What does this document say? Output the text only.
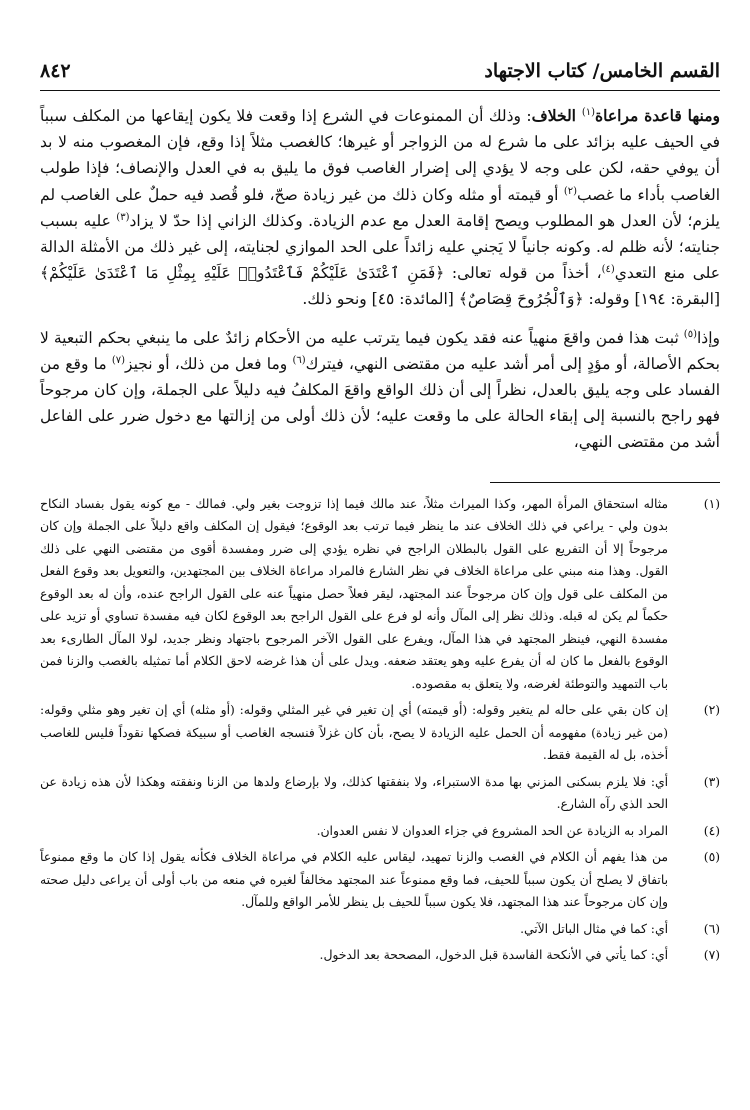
القسم الخامس/ كتاب الاجتهاد
٨٤٢

ومنها قاعدة مراعاة$^{(١)}$ الخلاف: وذلك أن الممنوعات في الشرع إذا وقعت فلا يكون إيقاعها من المكلف سبباً في الحيف عليه بزائد على ما شرع له من الزواجر أو غيرها؛ كالغصب مثلاً إذا وقع، فإن المغصوب منه لا بد أن يوفي حقه، لكن على وجه لا يؤدي إلى إضرار الغاصب فوق ما يليق به في العدل والإنصاف؛ فإذا طولب الغاصب بأداء ما غصب$^{(٢)}$ أو قيمته أو مثله وكان ذلك من غير زيادة صحّ، فلو قُصد فيه حملٌ على الغاصب لم يلزم؛ لأن العدل هو المطلوب ويصح إقامة العدل مع عدم الزيادة. وكذلك الزاني إذا حدّ لا يزاد$^{(٣)}$ عليه بسبب جنايته؛ لأنه ظلم له. وكونه جانياً لا يَجني عليه زائداً على الحد الموازي لجنايته، إلى غير ذلك من الأمثلة الدالة على منع التعدي$^{(٤)}$، أخذاً من قوله تعالى: ﴿فَمَنِ ٱعْتَدَىٰ عَلَيْكُمْ فَٱعْتَدُوا۟ عَلَيْهِ بِمِثْلِ مَا ٱعْتَدَىٰ عَلَيْكُمْ﴾ [البقرة: ١٩٤] وقوله: ﴿وَٱلْجُرُوحَ قِصَاصٌ﴾ [المائدة: ٤٥] ونحو ذلك.

وإذا$^{(٥)}$ ثبت هذا فمن واقعَ منهياً عنه فقد يكون فيما يترتب عليه من الأحكام زائدٌ على ما ينبغي بحكم التبعية لا بحكم الأصالة، أو مؤدٍ إلى أمر أشد عليه من مقتضى النهي، فيترك$^{(٦)}$ وما فعل من ذلك، أو نجيز$^{(٧)}$ ما وقع من الفساد على وجه يليق بالعدل، نظراً إلى أن ذلك الواقع واقعَ المكلفُ فيه دليلاً على الجملة، وإن كان مرجوحاً فهو راجح بالنسبة إلى إبقاء الحالة على ما وقعت عليه؛ لأن ذلك أولى من إزالتها مع دخول ضرر على الفاعل أشد من مقتضى النهي،

(١)
مثاله استحقاق المرأة المهر، وكذا الميراث مثلاً، عند مالك فيما إذا تزوجت بغير ولي. فمالك - مع كونه يقول بفساد النكاح بدون ولي - يراعي في ذلك الخلاف عند ما ينظر فيما ترتب بعد الوقوع؛ فيقول إن المكلف واقع دليلاً على الجملة وإن كان مرجوحاً إلا أن التفريع على القول بالبطلان الراجح في نظره يؤدي إلى ضرر ومفسدة أقوى من مقتضى النهي على ذلك القول. وهذا منه مبني على مراعاة الخلاف في نظر الشارع فالمراد مراعاة الخلاف بين المجتهدين، والتعويل بعد وقوع الفعل من المكلف على قول وإن كان مرجوحاً عند المجتهد، ليقر فعلاً حصل منهياً عنه على القول الراجح عنده، وأن له بعد الوقوع حكماً لم يكن له قبله. وذلك نظر إلى المآل وأنه لو فرع على القول الراجح بعد الوقوع لكان فيه مفسدة تساوي أو تزيد على مفسدة النهي، فينظر المجتهد في هذا المآل، ويفرع على القول الآخر المرجوح باجتهاد ونظر جديد، لولا المآل الطارىء بعد الوقوع بالفعل ما كان له أن يفرع عليه وهو يعتقد ضعفه. ويدل على أن هذا غرضه لاحق الكلام أما تمثيله بالغصب والزنا فمن باب التمهيد والتوطئة لغرضه، ولا يتعلق به مقصوده.
(٢)
إن كان بقي على حاله لم يتغير وقوله: (أو قيمته) أي إن تغير في غير المثلي وقوله: (أو مثله) أي إن تغير وهو مثلي وقوله: (من غير زيادة) مفهومه أن الحمل عليه الزيادة لا يصح، بأن كان غزلاً فنسجه الغاصب أو سبيكة فصكها نقوداً فليس للغاصب أخذه، بل له القيمة فقط.
(٣)
أي: فلا يلزم بسكنى المزني بها مدة الاستبراء، ولا بنفقتها كذلك، ولا بإرضاع ولدها من الزنا ونفقته وهكذا لأن هذه زيادة عن الحد الذي رآه الشارع.
(٤)
المراد به الزيادة عن الحد المشروع في جزاء العدوان لا نفس العدوان.
(٥)
من هذا يفهم أن الكلام في الغصب والزنا تمهيد، ليقاس عليه الكلام في مراعاة الخلاف فكأنه يقول إذا كان ما وقع ممنوعاً باتفاق لا يصلح أن يكون سبباً للحيف، فما وقع ممنوعاً عند المجتهد مخالفاً لغيره في منعه من باب أولى أن يراعى دليل صحته وإن كان مرجوحاً عند هذا المجتهد، فلا يكون سبباً للحيف بل ينظر للأمر الواقع وللمآل.
(٦)
أي: كما في مثال الباتل الآتي.
(٧)
أي: كما يأتي في الأنكحة الفاسدة قبل الدخول، المصححة بعد الدخول.
